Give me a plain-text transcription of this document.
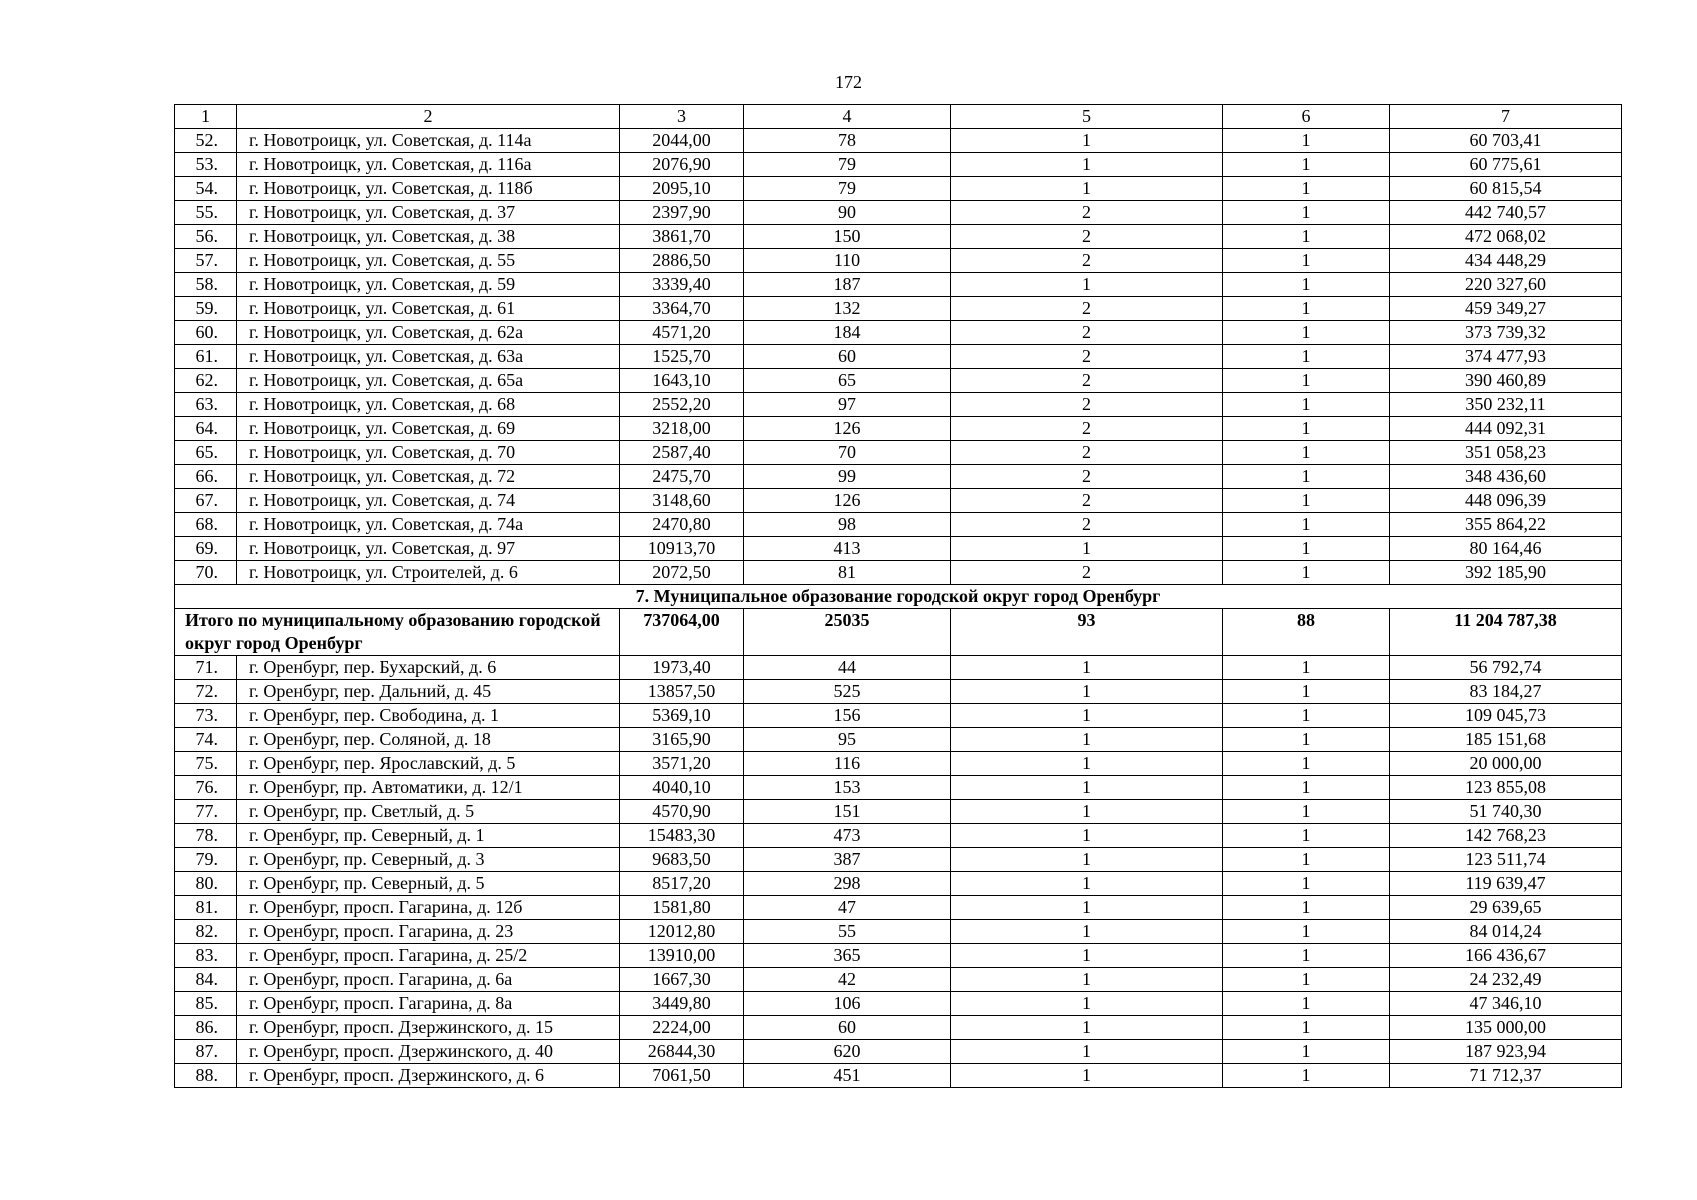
172
1	2	3	4	5	6	7
52.	г. Новотроицк, ул. Советская, д. 114а	2044,00	78	1	1	60 703,41
53.	г. Новотроицк, ул. Советская, д. 116а	2076,90	79	1	1	60 775,61
54.	г. Новотроицк, ул. Советская, д. 118б	2095,10	79	1	1	60 815,54
55.	г. Новотроицк, ул. Советская, д. 37	2397,90	90	2	1	442 740,57
56.	г. Новотроицк, ул. Советская, д. 38	3861,70	150	2	1	472 068,02
57.	г. Новотроицк, ул. Советская, д. 55	2886,50	110	2	1	434 448,29
58.	г. Новотроицк, ул. Советская, д. 59	3339,40	187	1	1	220 327,60
59.	г. Новотроицк, ул. Советская, д. 61	3364,70	132	2	1	459 349,27
60.	г. Новотроицк, ул. Советская, д. 62а	4571,20	184	2	1	373 739,32
61.	г. Новотроицк, ул. Советская, д. 63а	1525,70	60	2	1	374 477,93
62.	г. Новотроицк, ул. Советская, д. 65а	1643,10	65	2	1	390 460,89
63.	г. Новотроицк, ул. Советская, д. 68	2552,20	97	2	1	350 232,11
64.	г. Новотроицк, ул. Советская, д. 69	3218,00	126	2	1	444 092,31
65.	г. Новотроицк, ул. Советская, д. 70	2587,40	70	2	1	351 058,23
66.	г. Новотроицк, ул. Советская, д. 72	2475,70	99	2	1	348 436,60
67.	г. Новотроицк, ул. Советская, д. 74	3148,60	126	2	1	448 096,39
68.	г. Новотроицк, ул. Советская, д. 74а	2470,80	98	2	1	355 864,22
69.	г. Новотроицк, ул. Советская, д. 97	10913,70	413	1	1	80 164,46
70.	г. Новотроицк, ул. Строителей, д. 6	2072,50	81	2	1	392 185,90
7. Муниципальное образование городской округ город Оренбург						
Итого по муниципальному образованию городской округ город Оренбург		737064,00	25035	93	88	11 204 787,38
71.	г. Оренбург, пер. Бухарский, д. 6	1973,40	44	1	1	56 792,74
72.	г. Оренбург, пер. Дальний, д. 45	13857,50	525	1	1	83 184,27
73.	г. Оренбург, пер. Свободина, д. 1	5369,10	156	1	1	109 045,73
74.	г. Оренбург, пер. Соляной, д. 18	3165,90	95	1	1	185 151,68
75.	г. Оренбург, пер. Ярославский, д. 5	3571,20	116	1	1	20 000,00
76.	г. Оренбург, пр. Автоматики, д. 12/1	4040,10	153	1	1	123 855,08
77.	г. Оренбург, пр. Светлый, д. 5	4570,90	151	1	1	51 740,30
78.	г. Оренбург, пр. Северный, д. 1	15483,30	473	1	1	142 768,23
79.	г. Оренбург, пр. Северный, д. 3	9683,50	387	1	1	123 511,74
80.	г. Оренбург, пр. Северный, д. 5	8517,20	298	1	1	119 639,47
81.	г. Оренбург, просп. Гагарина, д. 12б	1581,80	47	1	1	29 639,65
82.	г. Оренбург, просп. Гагарина, д. 23	12012,80	55	1	1	84 014,24
83.	г. Оренбург, просп. Гагарина, д. 25/2	13910,00	365	1	1	166 436,67
84.	г. Оренбург, просп. Гагарина, д. 6а	1667,30	42	1	1	24 232,49
85.	г. Оренбург, просп. Гагарина, д. 8а	3449,80	106	1	1	47 346,10
86.	г. Оренбург, просп. Дзержинского, д. 15	2224,00	60	1	1	135 000,00
87.	г. Оренбург, просп. Дзержинского, д. 40	26844,30	620	1	1	187 923,94
88.	г. Оренбург, просп. Дзержинского, д. 6	7061,50	451	1	1	71 712,37
